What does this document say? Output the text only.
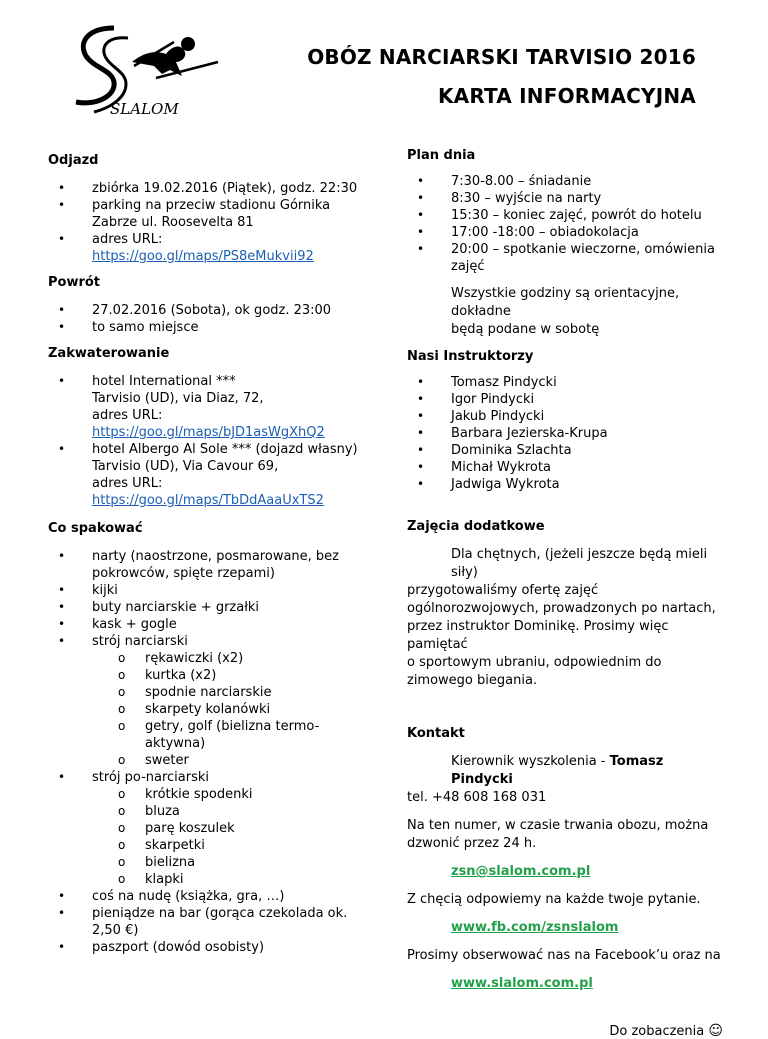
SLALOM
OBÓZ NARCIARSKI TARVISIO 2016
KARTA INFORMACYJNA
Odjazd
• zbiórka 19.02.2016 (Piątek), godz. 22:30
• parking na przeciw stadionu Górnika
Zabrze ul. Roosevelta 81
• adres URL:
https://goo.gl/maps/PS8eMukvii92
Powrót
• 27.02.2016 (Sobota), ok godz. 23:00
• to samo miejsce
Zakwaterowanie
• hotel International ***
Tarvisio (UD), via Diaz, 72,
adres URL:
https://goo.gl/maps/bJD1asWgXhQ2
• hotel Albergo Al Sole *** (dojazd własny)
Tarvisio (UD), Via Cavour 69,
adres URL:
https://goo.gl/maps/TbDdAaaUxTS2
Co spakować
• narty (naostrzone, posmarowane, bez
pokrowców, spięte rzepami)
• kijki
• buty narciarskie + grzałki
• kask + gogle
• strój narciarski
o rękawiczki (x2)
o kurtka (x2)
o spodnie narciarskie
o skarpety kolanówki
o getry, golf (bielizna termo-aktywna)
o sweter
• strój po-narciarski
o krótkie spodenki
o bluza
o parę koszulek
o skarpetki
o bielizna
o klapki
• coś na nudę (książka, gra, …)
• pieniądze na bar (gorąca czekolada ok.
2,50 €)
• paszport (dowód osobisty)
Plan dnia
• 7:30-8.00 – śniadanie
• 8:30 – wyjście na narty
• 15:30 – koniec zajęć, powrót do hotelu
• 17:00 -18:00 – obiadokolacja
• 20:00 – spotkanie wieczorne, omówienia
zajęć
Wszystkie godziny są orientacyjne, dokładne
będą podane w sobotę
Nasi Instruktorzy
• Tomasz Pindycki
• Igor Pindycki
• Jakub Pindycki
• Barbara Jezierska-Krupa
• Dominika Szlachta
• Michał Wykrota
• Jadwiga Wykrota
Zajęcia dodatkowe
Dla chętnych, (jeżeli jeszcze będą mieli siły)
przygotowaliśmy ofertę zajęć
ogólnorozwojowych, prowadzonych po nartach,
przez instruktor Dominikę. Prosimy więc pamiętać
o sportowym ubraniu, odpowiednim do
zimowego biegania.
Kontakt
Kierownik wyszkolenia - Tomasz Pindycki
tel. +48 608 168 031
Na ten numer, w czasie trwania obozu, można
dzwonić przez 24 h.
zsn@slalom.com.pl
Z chęcią odpowiemy na każde twoje pytanie.
www.fb.com/zsnslalom
Prosimy obserwować nas na Facebook’u oraz na
www.slalom.com.pl
Do zobaczenia ☺
